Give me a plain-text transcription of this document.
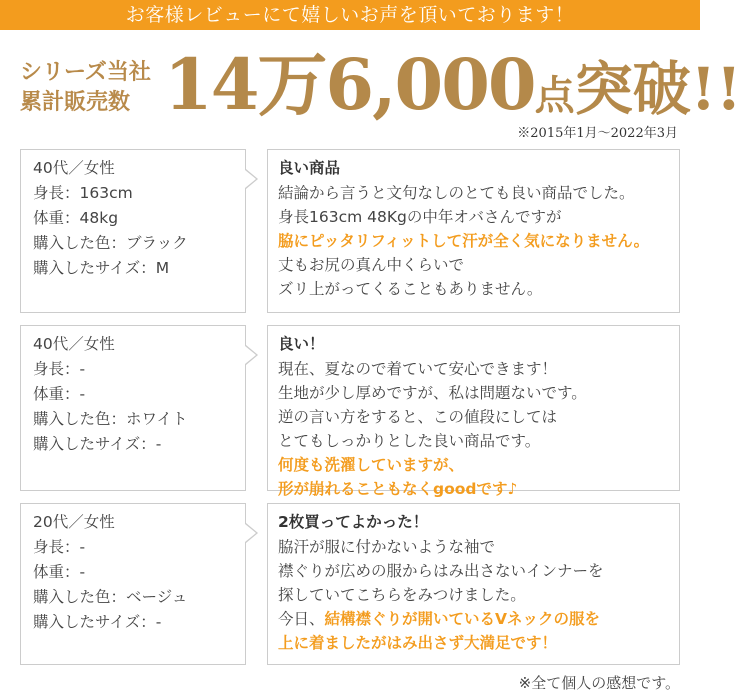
お客様レビューにて嬉しいお声を頂いております！
シリーズ当社
累計販売数 14万6,000点突破!!
※2015年1月～2022年3月
40代／女性
身長：163cm
体重：48kg
購入した色：ブラック
購入したサイズ：M
良い商品
結論から言うと文句なしのとても良い商品でした。
身長163cm 48Kgの中年オバさんですが
脇にピッタリフィットして汗が全く気になりません。
丈もお尻の真ん中くらいで
ズリ上がってくることもありません。
40代／女性
身長：-
体重：-
購入した色：ホワイト
購入したサイズ：-
良い！
現在、夏なので着ていて安心できます！
生地が少し厚めですが、私は問題ないです。
逆の言い方をすると、この値段にしては
とてもしっかりとした良い商品です。
何度も洗濯していますが、
形が崩れることもなくgoodです♪
20代／女性
身長：-
体重：-
購入した色：ベージュ
購入したサイズ：-
2枚買ってよかった！
脇汗が服に付かないような袖で
襟ぐりが広めの服からはみ出さないインナーを
探していてこちらをみつけました。
今日、結構襟ぐりが開いているVネックの服を
上に着ましたがはみ出さず大満足です！
※全て個人の感想です。
